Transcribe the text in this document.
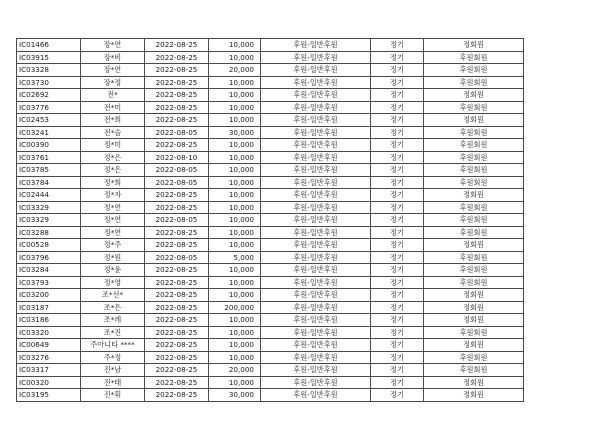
IC01466	장*연	2022-08-25	10,000	후원-일반후원	정기	정회원
IC03915	장*비	2022-08-25	10,000	후원-일반후원	정기	후원회원
IC03328	장*연	2022-08-25	20,000	후원-일반후원	정기	후원회원
IC03730	장*정	2022-08-25	10,000	후원-일반후원	정기	후원회원
IC02692	전*	2022-08-25	10,000	후원-일반후원	정기	정회원
IC03776	전*미	2022-08-25	10,000	후원-일반후원	정기	후원회원
IC02453	전*희	2022-08-25	10,000	후원-일반후원	정기	정회원
IC03241	전*슬	2022-08-05	30,000	후원-일반후원	정기	후원회원
IC00390	정*미	2022-08-25	10,000	후원-일반후원	정기	후원회원
IC03761	정*은	2022-08-10	10,000	후원-일반후원	정기	후원회원
IC03785	정*은	2022-08-05	10,000	후원-일반후원	정기	후원회원
IC03784	정*희	2022-08-05	10,000	후원-일반후원	정기	후원회원
IC02444	정*자	2022-08-25	10,000	후원-일반후원	정기	정회원
IC03329	정*연	2022-08-25	10,000	후원-일반후원	정기	후원회원
IC03329	정*연	2022-08-05	10,000	후원-일반후원	정기	후원회원
IC03288	정*연	2022-08-25	10,000	후원-일반후원	정기	후원회원
IC00528	정*주	2022-08-25	10,000	후원-일반후원	정기	정회원
IC03796	정*원	2022-08-05	5,000	후원-일반후원	정기	후원회원
IC03284	정*윤	2022-08-25	10,000	후원-일반후원	정기	후원회원
IC03793	정*영	2022-08-25	10,000	후원-일반후원	정기	후원회원
IC03200	조*선*	2022-08-25	10,000	후원-일반후원	정기	정회원
IC03187	조*은	2022-08-25	200,000	후원-일반후원	정기	정회원
IC03186	조*례	2022-08-25	10,000	후원-일반후원	정기	정회원
IC03320	조*진	2022-08-25	10,000	후원-일반후원	정기	후원회원
IC00649	주아니타 ****	2022-08-25	10,000	후원-일반후원	정기	정회원
IC03276	주*정	2022-08-25	10,000	후원-일반후원	정기	후원회원
IC03317	진*남	2022-08-25	20,000	후원-일반후원	정기	후원회원
IC00320	진*태	2022-08-25	10,000	후원-일반후원	정기	정회원
IC03195	진*휘	2022-08-25	30,000	후원-일반후원	정기	정회원
